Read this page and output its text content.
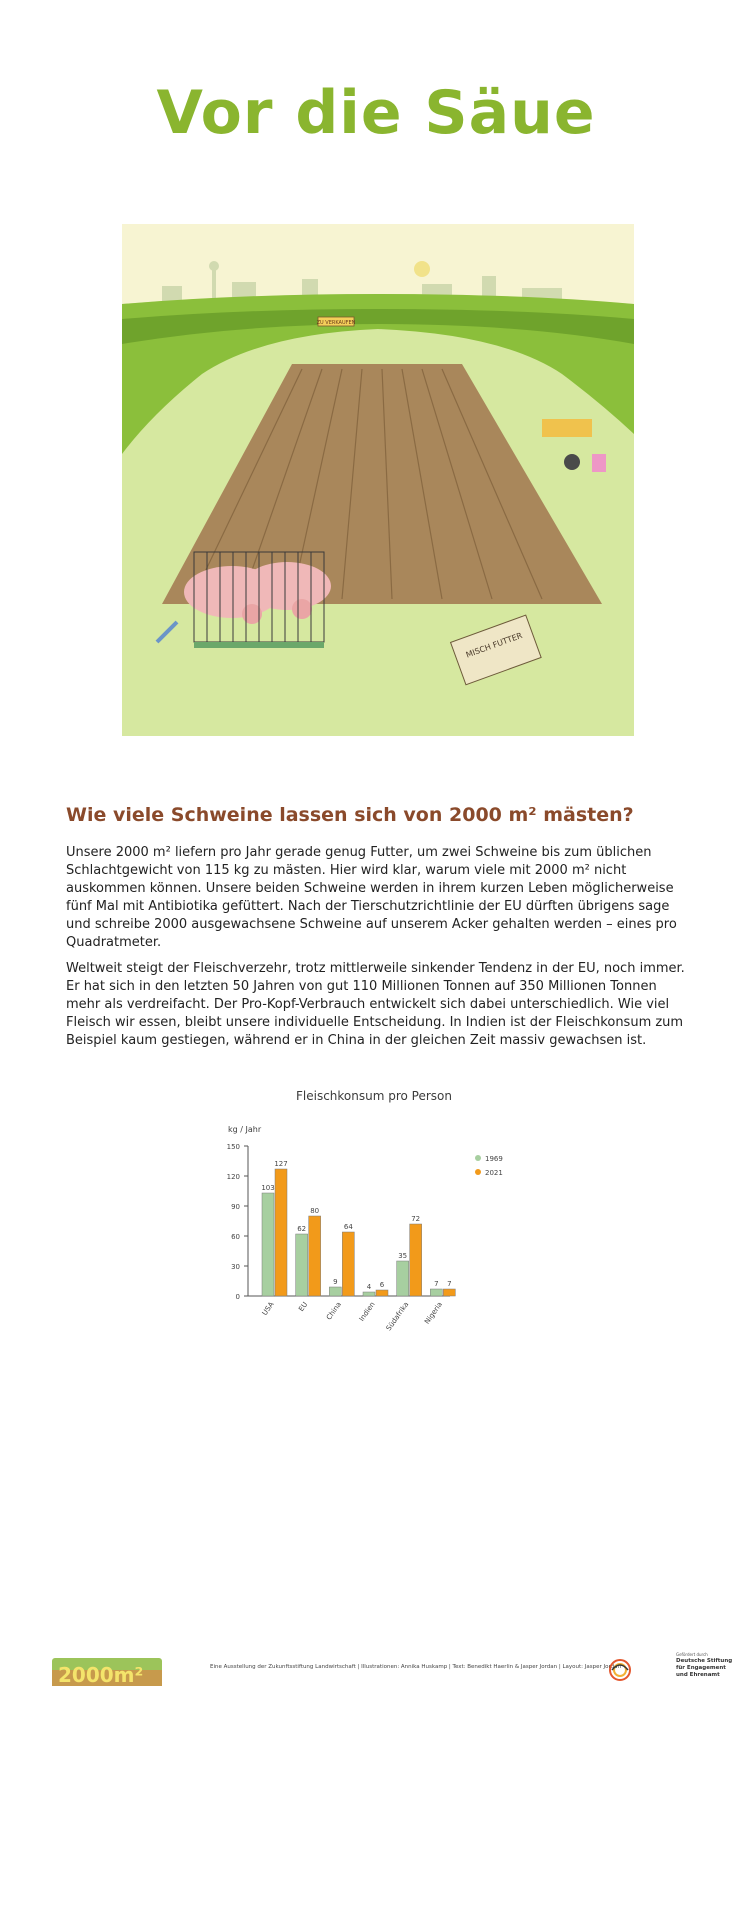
Vor die Säue
ZU VERKAUFEN
MISCH FUTTER
Wie viele Schweine lassen sich von 2000 m² mästen?

Unsere 2000 m² liefern pro Jahr gerade genug Futter, um zwei Schweine bis zum üblichen Schlachtgewicht von 115 kg zu mästen. Hier wird klar, warum viele mit 2000 m² nicht auskommen können. Unsere beiden Schweine werden in ihrem kurzen Leben möglicherweise fünf Mal mit Antibiotika gefüttert. Nach der Tierschutzrichtlinie der EU dürften übrigens sage und schreibe 2000 ausgewachsene Schweine auf unserem Acker gehalten werden – eines pro Quadratmeter.

Weltweit steigt der Fleischverzehr, trotz mittlerweile sinkender Tendenz in der EU, noch immer. Er hat sich in den letzten 50 Jahren von gut 110 Millionen Tonnen auf 350 Millionen Tonnen mehr als verdreifacht. Der Pro-Kopf-Verbrauch entwickelt sich dabei unterschiedlich. Wie viel Fleisch wir essen, bleibt unsere individuelle Entscheidung. In Indien ist der Fleischkonsum zum Beispiel kaum gestiegen, während er in China in der gleichen Zeit massiv gewachsen ist.

Fleischkonsum pro Person
kg / Jahr
0
30
60
90
120
150
103
127
USA
62
80
EU
9
64
China
4 6
Indien
35
72
Südafrika
7 7
Nigeria
1969
2021
2000m²	Eine Ausstellung der Zukunftsstiftung Landwirtschaft | Illustrationen: Annika Huskamp | Text: Benedikt Haerlin & Jasper Jordan | Layout: Jasper Jordan
Gefördert durch
Deutsche Stiftung für Engagement und Ehrenamt
